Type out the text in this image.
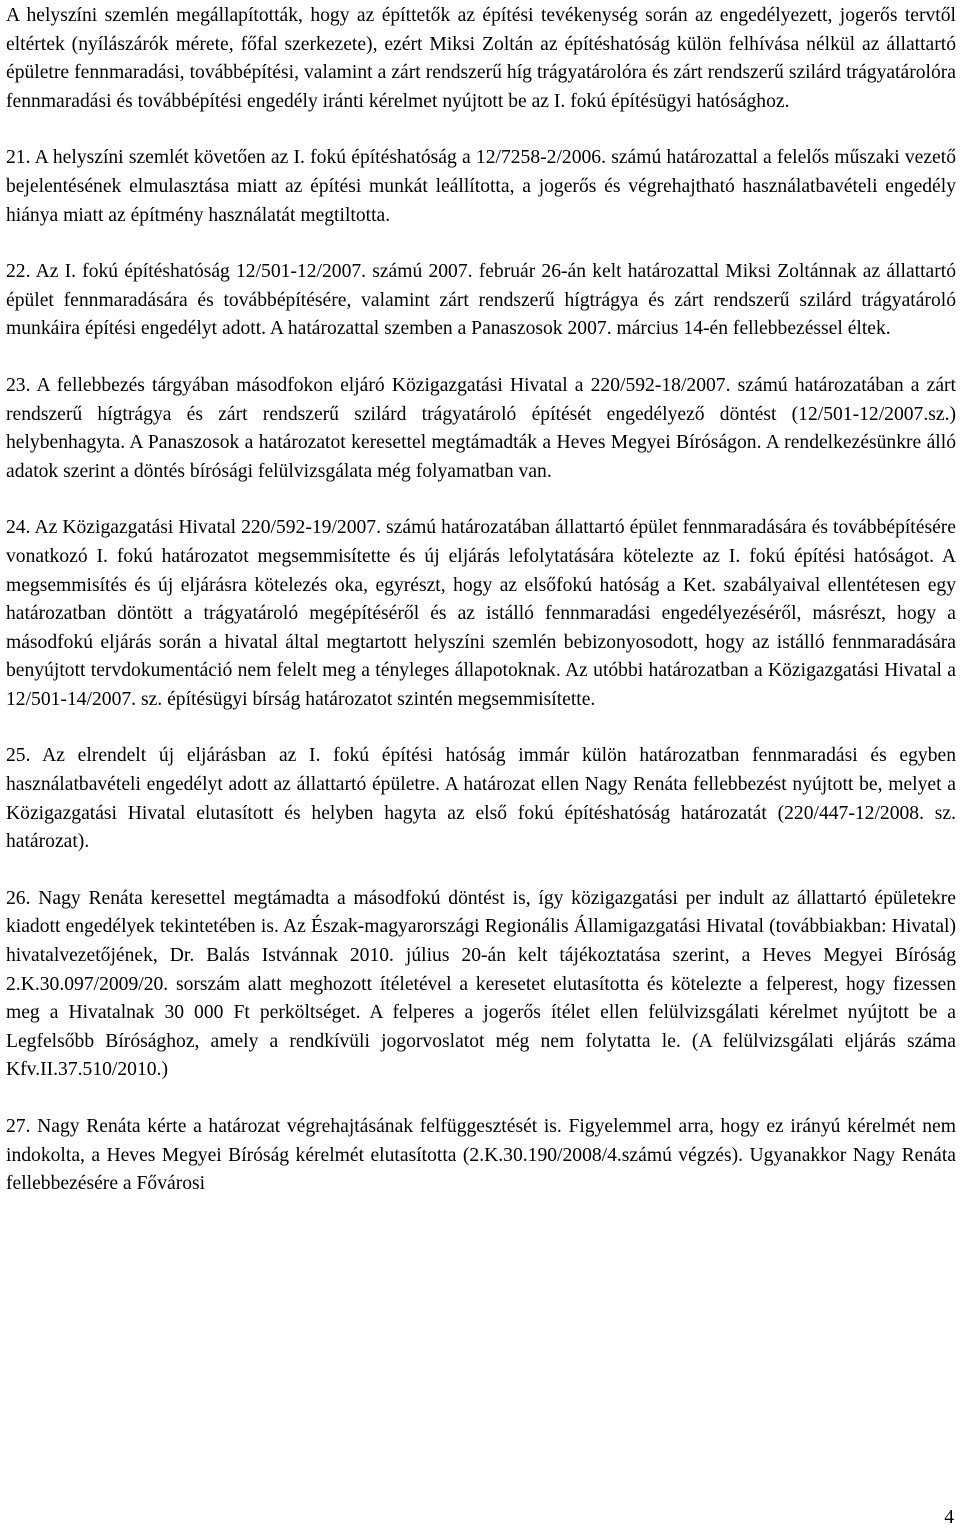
A helyszíni szemlén megállapították, hogy az építtetők az építési tevékenység során az engedélyezett, jogerős tervtől eltértek (nyílászárók mérete, főfal szerkezete), ezért Miksi Zoltán az építéshatóság külön felhívása nélkül az állattartó épületre fennmaradási, továbbépítési, valamint a zárt rendszerű híg trágyatárolóra és zárt rendszerű szilárd trágyatárolóra fennmaradási és továbbépítési engedély iránti kérelmet nyújtott be az I. fokú építésügyi hatósághoz.

21. A helyszíni szemlét követően az I. fokú építéshatóság a 12/7258-2/2006. számú határozattal a felelős műszaki vezető bejelentésének elmulasztása miatt az építési munkát leállította, a jogerős és végrehajtható használatbavételi engedély hiánya miatt az építmény használatát megtiltotta.

22. Az I. fokú építéshatóság 12/501-12/2007. számú 2007. február 26-án kelt határozattal Miksi Zoltánnak az állattartó épület fennmaradására és továbbépítésére, valamint zárt rendszerű hígtrágya és zárt rendszerű szilárd trágyatároló munkáira építési engedélyt adott. A határozattal szemben a Panaszosok 2007. március 14-én fellebbezéssel éltek.

23. A fellebbezés tárgyában másodfokon eljáró Közigazgatási Hivatal a 220/592-18/2007. számú határozatában a zárt rendszerű hígtrágya és zárt rendszerű szilárd trágyatároló építését engedélyező döntést (12/501-12/2007.sz.) helybenhagyta. A Panaszosok a határozatot keresettel megtámadták a Heves Megyei Bíróságon. A rendelkezésünkre álló adatok szerint a döntés bírósági felülvizsgálata még folyamatban van.

24. Az Közigazgatási Hivatal 220/592-19/2007. számú határozatában állattartó épület fennmaradására és továbbépítésére vonatkozó I. fokú határozatot megsemmisítette és új eljárás lefolytatására kötelezte az I. fokú építési hatóságot. A megsemmisítés és új eljárásra kötelezés oka, egyrészt, hogy az elsőfokú hatóság a Ket. szabályaival ellentétesen egy határozatban döntött a trágyatároló megépítéséről és az istálló fennmaradási engedélyezéséről, másrészt, hogy a másodfokú eljárás során a hivatal által megtartott helyszíni szemlén bebizonyosodott, hogy az istálló fennmaradására benyújtott tervdokumentáció nem felelt meg a tényleges állapotoknak. Az utóbbi határozatban a Közigazgatási Hivatal a 12/501-14/2007. sz. építésügyi bírság határozatot szintén megsemmisítette.

25. Az elrendelt új eljárásban az I. fokú építési hatóság immár külön határozatban fennmaradási és egyben használatbavételi engedélyt adott az állattartó épületre. A határozat ellen Nagy Renáta fellebbezést nyújtott be, melyet a Közigazgatási Hivatal elutasított és helyben hagyta az első fokú építéshatóság határozatát (220/447-12/2008. sz. határozat).

26. Nagy Renáta keresettel megtámadta a másodfokú döntést is, így közigazgatási per indult az állattartó épületekre kiadott engedélyek tekintetében is. Az Észak-magyarországi Regionális Államigazgatási Hivatal (továbbiakban: Hivatal) hivatalvezetőjének, Dr. Balás Istvánnak 2010. július 20-án kelt tájékoztatása szerint, a Heves Megyei Bíróság 2.K.30.097/2009/20. sorszám alatt meghozott ítéletével a keresetet elutasította és kötelezte a felperest, hogy fizessen meg a Hivatalnak 30 000 Ft perköltséget. A felperes a jogerős ítélet ellen felülvizsgálati kérelmet nyújtott be a Legfelsőbb Bírósághoz, amely a rendkívüli jogorvoslatot még nem folytatta le. (A felülvizsgálati eljárás száma Kfv.II.37.510/2010.)

27. Nagy Renáta kérte a határozat végrehajtásának felfüggesztését is. Figyelemmel arra, hogy ez irányú kérelmét nem indokolta, a Heves Megyei Bíróság kérelmét elutasította (2.K.30.190/2008/4.számú végzés). Ugyanakkor Nagy Renáta fellebbezésére a Fővárosi

4
